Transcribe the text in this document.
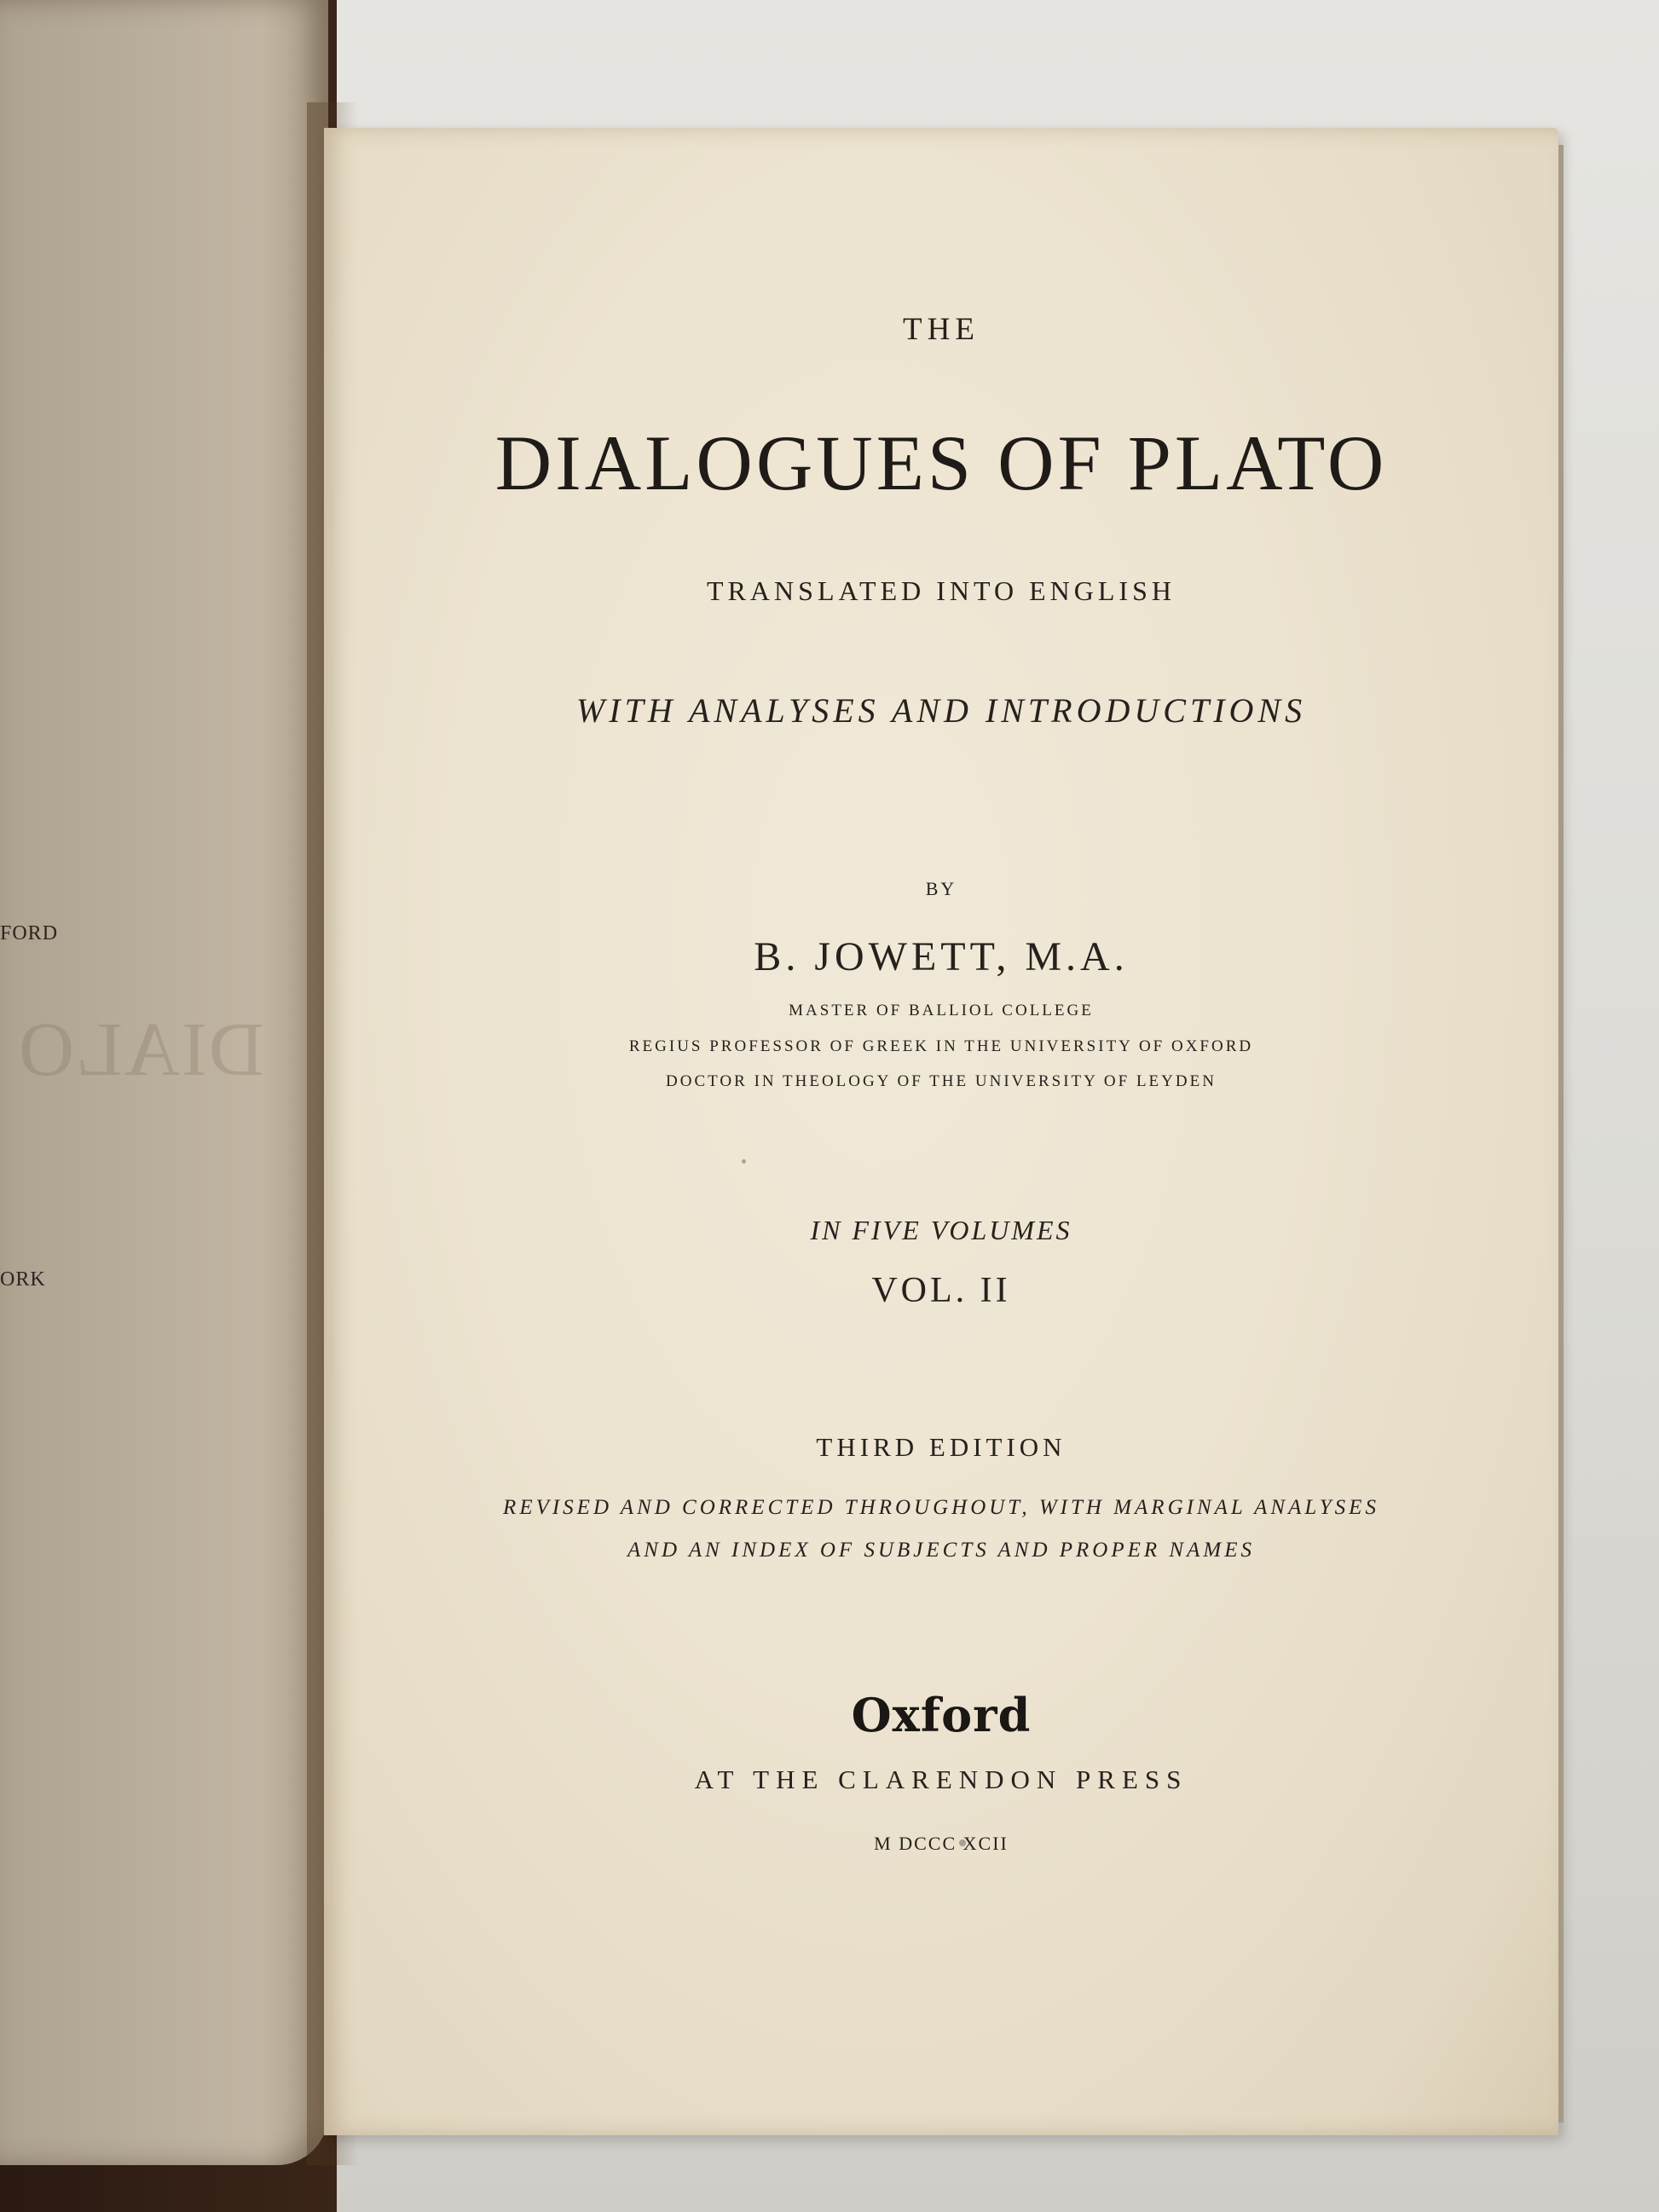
FORD
ORK
DIALO
THE
DIALOGUES OF PLATO
TRANSLATED INTO ENGLISH
WITH ANALYSES AND INTRODUCTIONS
BY
B. JOWETT, M.A.
MASTER OF BALLIOL COLLEGE
REGIUS PROFESSOR OF GREEK IN THE UNIVERSITY OF OXFORD
DOCTOR IN THEOLOGY OF THE UNIVERSITY OF LEYDEN
IN FIVE VOLUMES
VOL. II
THIRD EDITION
REVISED AND CORRECTED THROUGHOUT, WITH MARGINAL ANALYSES
AND AN INDEX OF SUBJECTS AND PROPER NAMES
Oxford
AT THE CLARENDON PRESS
M DCCC XCII
